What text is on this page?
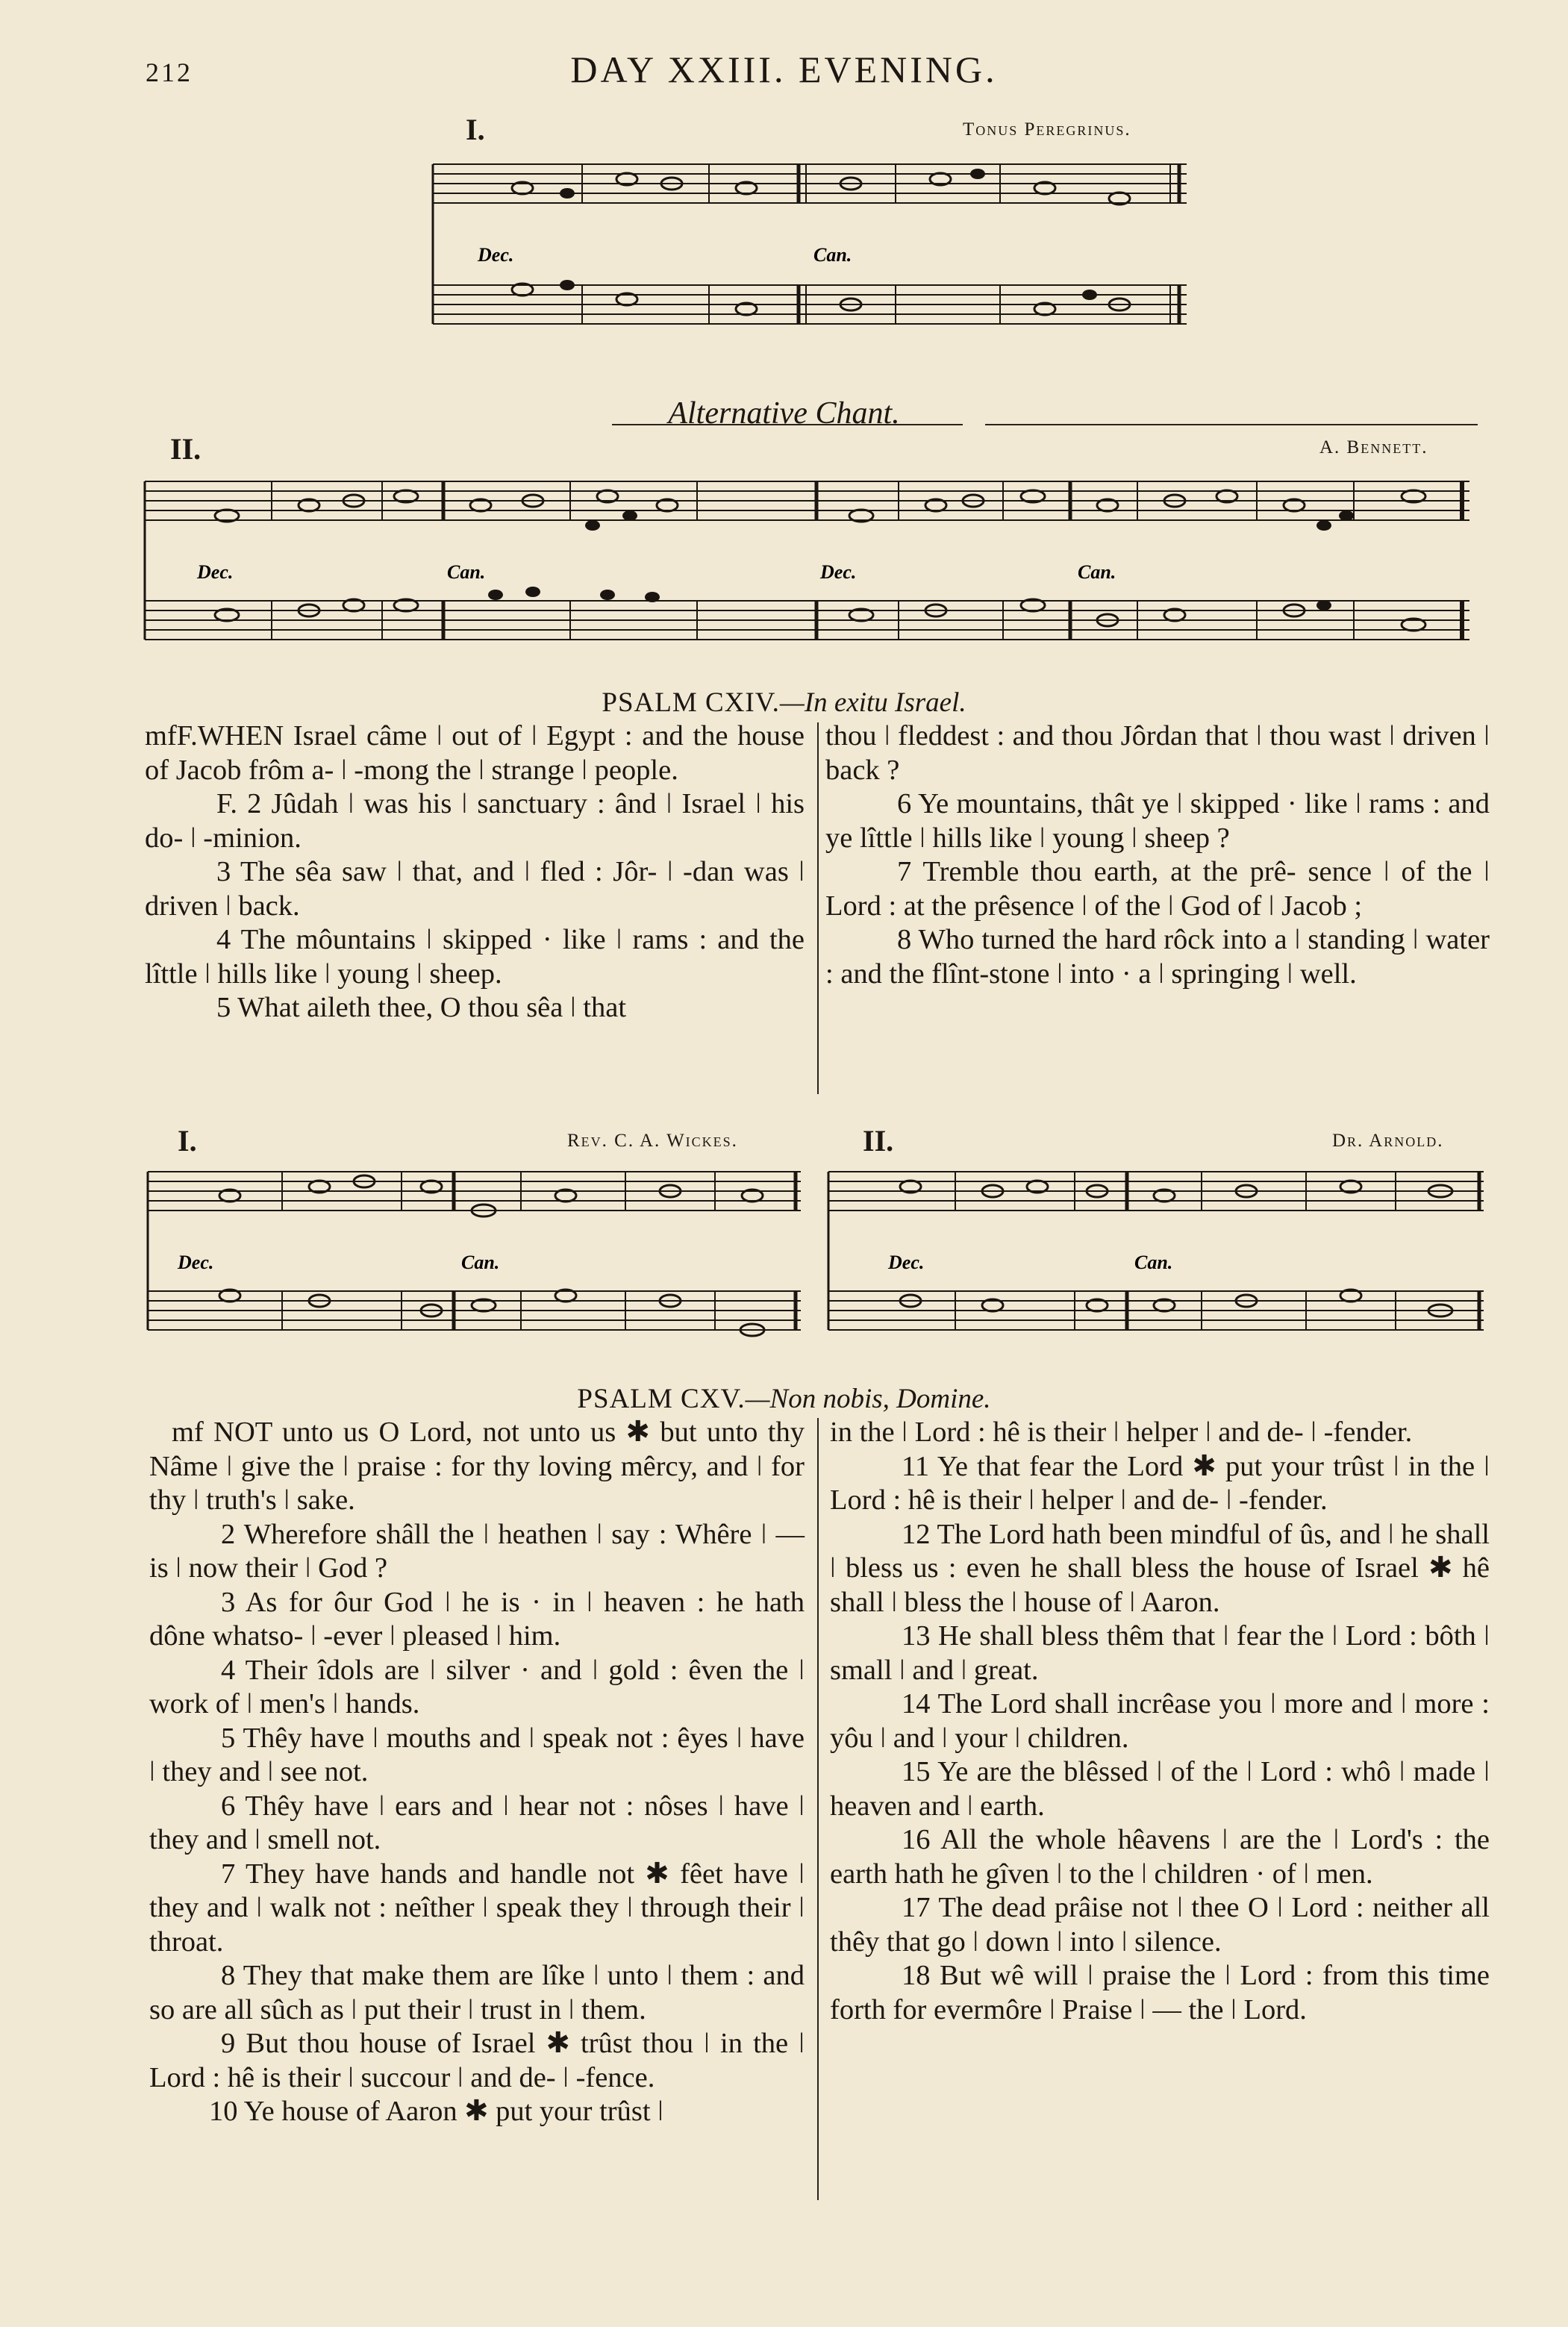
212	DAY XXIII. EVENING.
I.	Tonus Peregrinus.
Dec.	Can.
Alternative Chant.
II.	A. Bennett.
Dec.	Can.	Dec.	Can.
PSALM CXIV.—In exitu Israel.

mfF.WHEN Israel câme ǀ out of ǀ Egypt : and the house of Jacob frôm a- ǀ -mong the ǀ strange ǀ people.

F. 2 Jûdah ǀ was his ǀ sanctuary : ând ǀ Israel ǀ his do- ǀ -minion.

3 The sêa saw ǀ that, and ǀ fled : Jôr- ǀ -dan was ǀ driven ǀ back.

4 The môuntains ǀ skipped · like ǀ rams : and the lîttle ǀ hills like ǀ young ǀ sheep.

5 What aileth thee, O thou sêa ǀ that

thou ǀ fleddest : and thou Jôrdan that ǀ thou wast ǀ driven ǀ back ?

6 Ye mountains, thât ye ǀ skipped · like ǀ rams : and ye lîttle ǀ hills like ǀ young ǀ sheep ?

7 Tremble thou earth, at the prê- sence ǀ of the ǀ Lord : at the prêsence ǀ of the ǀ God of ǀ Jacob ;

8 Who turned the hard rôck into a ǀ standing ǀ water : and the flînt-stone ǀ into · a ǀ springing ǀ well.

I.	Rev. C. A. Wickes.	II.	Dr. Arnold.
Dec.	Can.	Dec.	Can.
PSALM CXV.—Non nobis, Domine.

mf NOT unto us O Lord, not unto us ✱ but unto thy Nâme ǀ give the ǀ praise : for thy loving mêrcy, and ǀ for thy ǀ truth's ǀ sake.

2 Wherefore shâll the ǀ heathen ǀ say : Whêre ǀ — is ǀ now their ǀ God ?

3 As for ôur God ǀ he is · in ǀ heaven : he hath dône whatso- ǀ -ever ǀ pleased ǀ him.

4 Their îdols are ǀ silver · and ǀ gold : êven the ǀ work of ǀ men's ǀ hands.

5 Thêy have ǀ mouths and ǀ speak not : êyes ǀ have ǀ they and ǀ see not.

6 Thêy have ǀ ears and ǀ hear not : nôses ǀ have ǀ they and ǀ smell not.

7 They have hands and handle not ✱ fêet have ǀ they and ǀ walk not : neîther ǀ speak they ǀ through their ǀ throat.

8 They that make them are lîke ǀ unto ǀ them : and so are all sûch as ǀ put their ǀ trust in ǀ them.

9 But thou house of Israel ✱ trûst thou ǀ in the ǀ Lord : hê is their ǀ succour ǀ and de- ǀ -fence.

10 Ye house of Aaron ✱ put your trûst ǀ

in the ǀ Lord : hê is their ǀ helper ǀ and de- ǀ -fender.

11 Ye that fear the Lord ✱ put your trûst ǀ in the ǀ Lord : hê is their ǀ helper ǀ and de- ǀ -fender.

12 The Lord hath been mindful of ûs, and ǀ he shall ǀ bless us : even he shall bless the house of Israel ✱ hê shall ǀ bless the ǀ house of ǀ Aaron.

13 He shall bless thêm that ǀ fear the ǀ Lord : bôth ǀ small ǀ and ǀ great.

14 The Lord shall incrêase you ǀ more and ǀ more : yôu ǀ and ǀ your ǀ children.

15 Ye are the blêssed ǀ of the ǀ Lord : whô ǀ made ǀ heaven and ǀ earth.

16 All the whole hêavens ǀ are the ǀ Lord's : the earth hath he gîven ǀ to the ǀ children · of ǀ men.

17 The dead prâise not ǀ thee O ǀ Lord : neither all thêy that go ǀ down ǀ into ǀ silence.

18 But wê will ǀ praise the ǀ Lord : from this time forth for evermôre ǀ Praise ǀ — the ǀ Lord.
